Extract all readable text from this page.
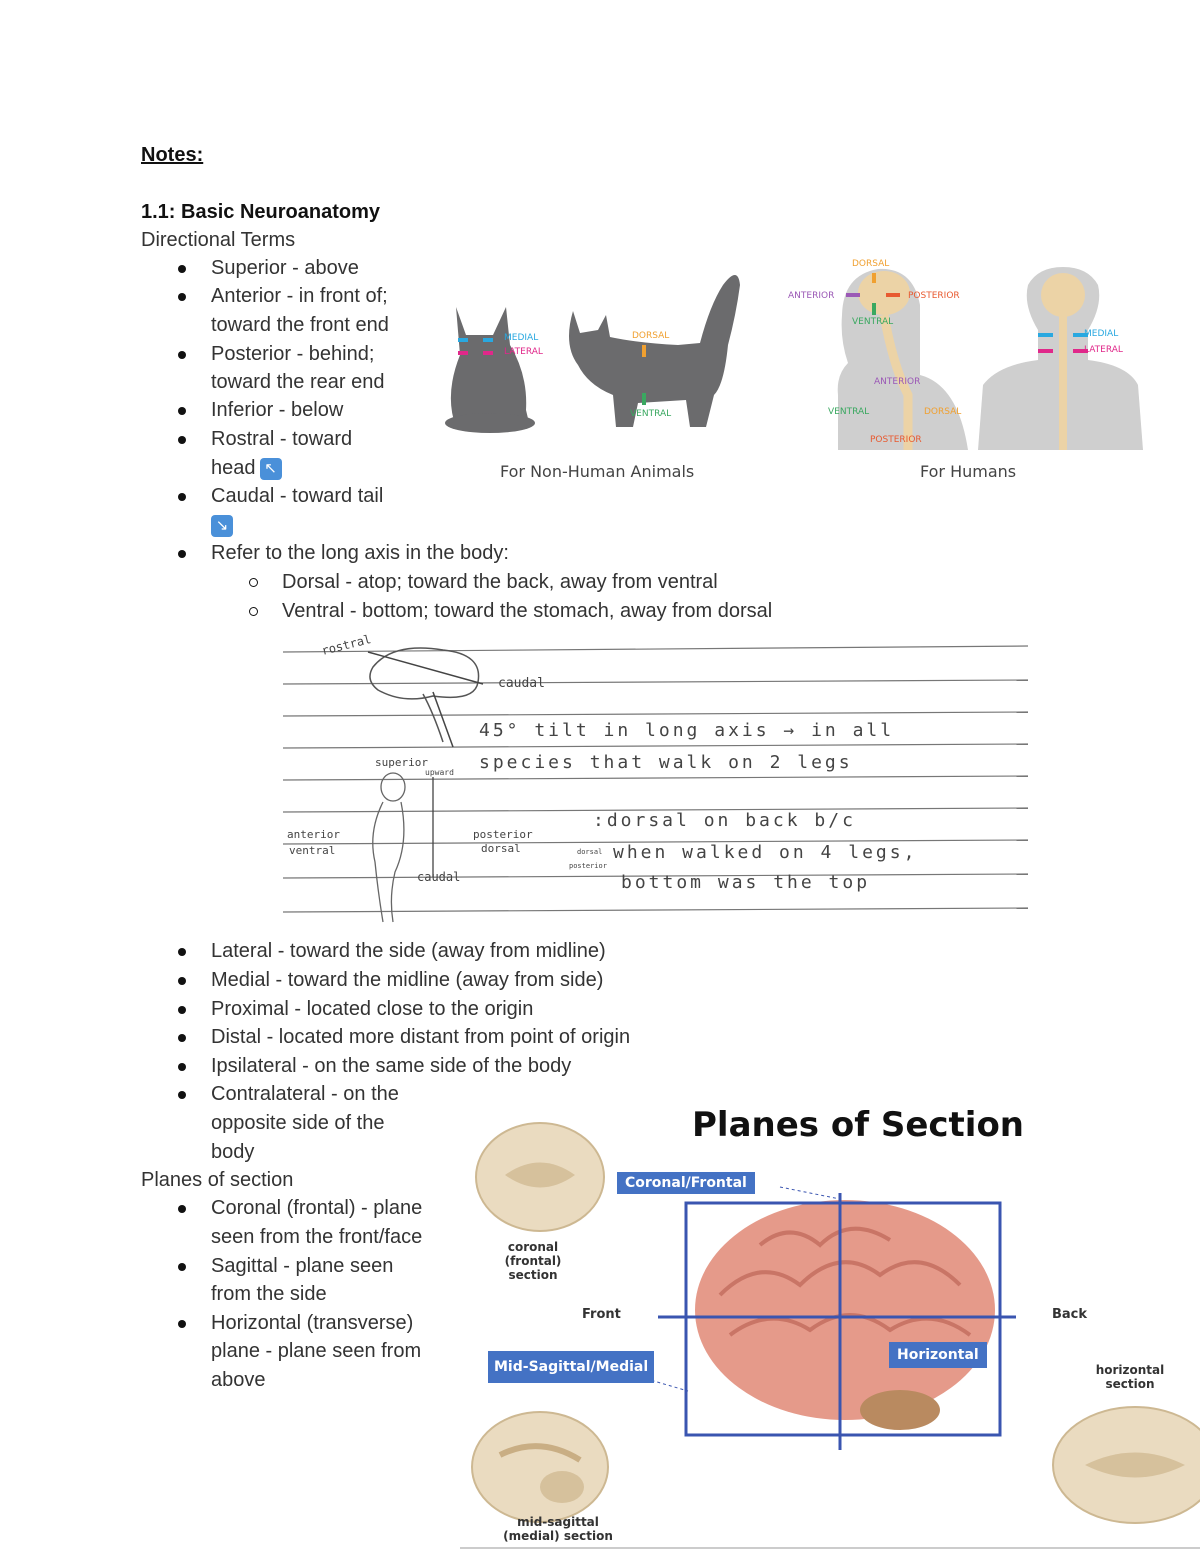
Notes:
1.1: Basic Neuroanatomy
Directional Terms
Superior - above
Anterior - in front of;
toward the front end
Posterior - behind;
toward the rear end
Inferior - below
Rostral - toward
head ↖
Caudal - toward tail
↘
Refer to the long axis in the body:
Dorsal - atop; toward the back, away from ventral
Ventral - bottom; toward the stomach, away from dorsal
MEDIAL
LATERAL
DORSAL
VENTRAL
DORSAL
ANTERIOR	POSTERIOR
VENTRAL
ANTERIOR
VENTRAL	DORSAL
POSTERIOR
MEDIAL
LATERAL
For Non-Human Animals	For Humans
rostral
caudal
45° tilt in long axis → in all
species that walk on 2 legs
superior
upward
:dorsal on back b/c
anterior
ventral
posterior
dorsal	dorsal
posterior
when walked on 4 legs,
caudal	bottom was the top
Lateral - toward the side (away from midline)
Medial - toward the midline (away from side)
Proximal - located close to the origin
Distal - located more distant from point of origin
Ipsilateral - on the same side of the body
Contralateral - on the
opposite side of the
body
Planes of section
Coronal (frontal) - plane
seen from the front/face
Sagittal - plane seen
from the side
Horizontal (transverse)
plane - plane seen from
above
Planes of Section
Coronal/Frontal
Mid-Sagittal/Medial
Horizontal
Front	Back
coronal (frontal)
section
horizontal
section
mid-sagittal
(medial) section
